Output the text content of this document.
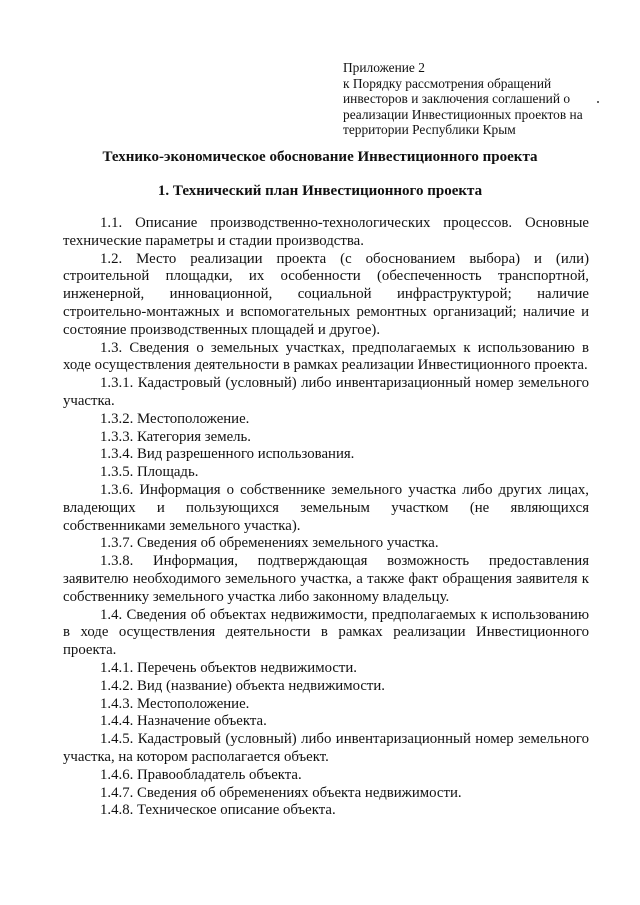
Приложение 2
к Порядку рассмотрения обращений
инвесторов и заключения соглашений о
реализации Инвестиционных проектов на
территории Республики Крым
Технико-экономическое обоснование Инвестиционного проекта
1. Технический план Инвестиционного проекта

1.1. Описание производственно-технологических процессов. Основные технические параметры и стадии производства.

1.2. Место реализации проекта (с обоснованием выбора) и (или) строительной площадки, их особенности (обеспеченность транспортной, инженерной, инновационной, социальной инфраструктурой; наличие строительно-монтажных и вспомогательных ремонтных организаций; наличие и состояние производственных площадей и другое).

1.3. Сведения о земельных участках, предполагаемых к использованию в ходе осуществления деятельности в рамках реализации Инвестиционного проекта.

1.3.1. Кадастровый (условный) либо инвентаризационный номер земельного участка.

1.3.2. Местоположение.

1.3.3. Категория земель.

1.3.4. Вид разрешенного использования.

1.3.5. Площадь.

1.3.6. Информация о собственнике земельного участка либо других лицах, владеющих и пользующихся земельным участком (не являющихся собственниками земельного участка).

1.3.7. Сведения об обременениях земельного участка.

1.3.8. Информация, подтверждающая возможность предоставления заявителю необходимого земельного участка, а также факт обращения заявителя к собственнику земельного участка либо законному владельцу.

1.4. Сведения об объектах недвижимости, предполагаемых к использованию в ходе осуществления деятельности в рамках реализации Инвестиционного проекта.

1.4.1. Перечень объектов недвижимости.

1.4.2. Вид (название) объекта недвижимости.

1.4.3. Местоположение.

1.4.4. Назначение объекта.

1.4.5. Кадастровый (условный) либо инвентаризационный номер земельного участка, на котором располагается объект.

1.4.6. Правообладатель объекта.

1.4.7. Сведения об обременениях объекта недвижимости.

1.4.8. Техническое описание объекта.
